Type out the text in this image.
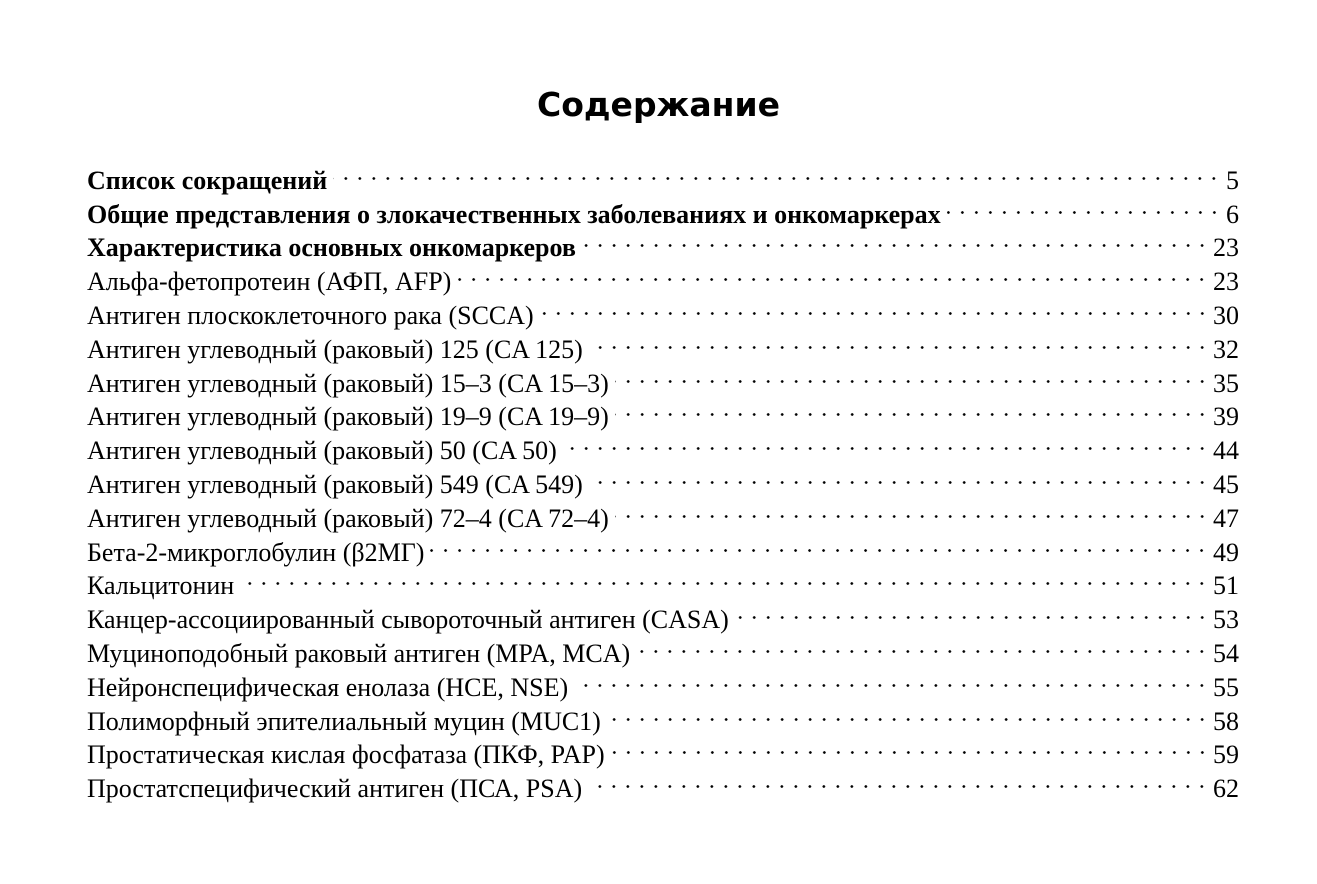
Содержание
Список сокращений	5
Общие представления о злокачественных заболеваниях и онкомаркерах	6
Характеристика основных онкомаркеров	23
Альфа-фетопротеин (АФП, AFP)	23
Антиген плоскоклеточного рака (SCCA)	30
Антиген углеводный (раковый) 125 (CA 125)	32
Антиген углеводный (раковый) 15–3 (CA 15–3)	35
Антиген углеводный (раковый) 19–9 (CA 19–9)	39
Антиген углеводный (раковый) 50 (CA 50)	44
Антиген углеводный (раковый) 549 (CA 549)	45
Антиген углеводный (раковый) 72–4 (CA 72–4)	47
Бета-2-микроглобулин (β2МГ)	49
Кальцитонин	51
Канцер-ассоциированный сывороточный антиген (CASA)	53
Муциноподобный раковый антиген (MPA, MCA)	54
Нейронспецифическая енолаза (НСЕ, NSE)	55
Полиморфный эпителиальный муцин (MUC1)	58
Простатическая кислая фосфатаза (ПКФ, PAP)	59
Простатспецифический антиген (ПСА, PSA)	62
